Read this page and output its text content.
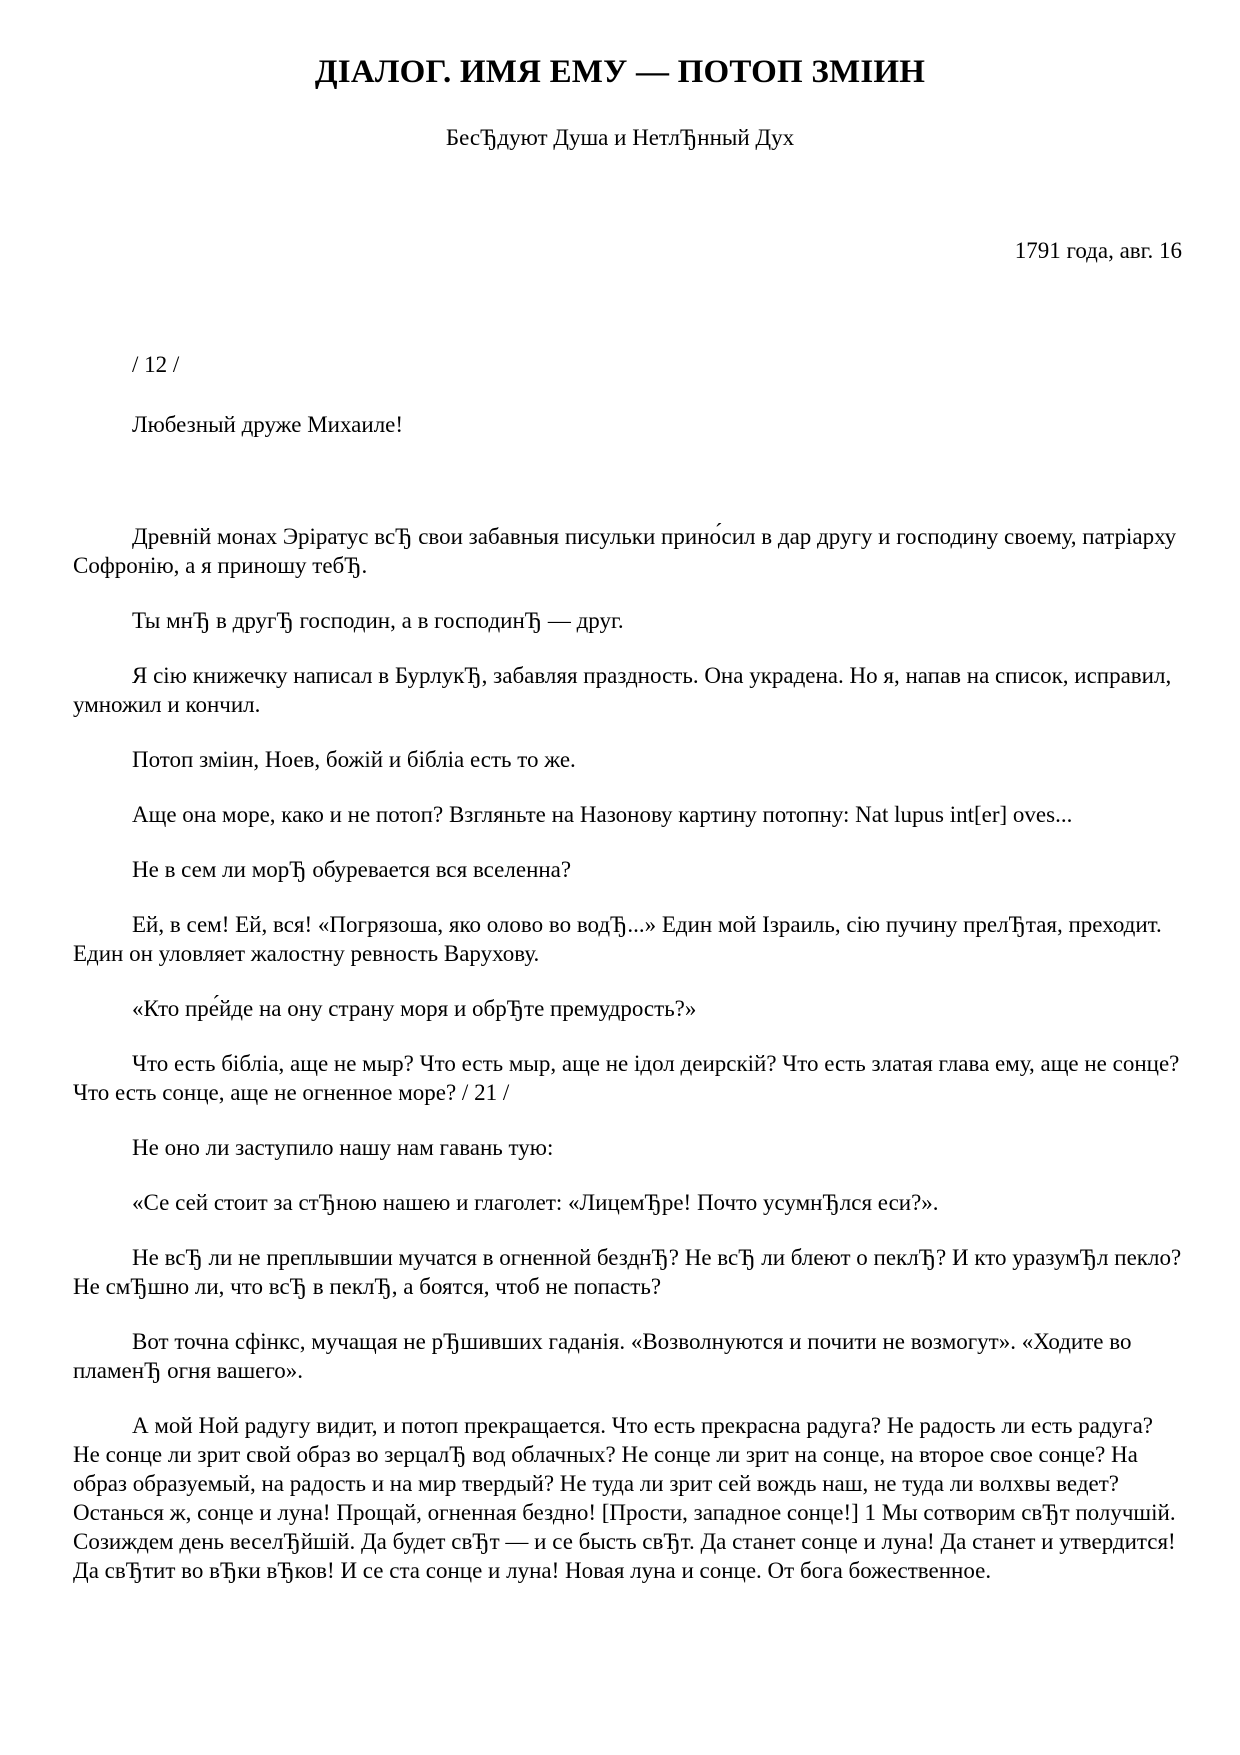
ДІАЛОГ. ИМЯ ЕМУ — ПОТОП ЗМІИН

БесЂдуют Душа и НетлЂнный Дух

1791 года, авг. 16

/ 12 /

Любезный друже Михаиле!

Древній монах Эріратус всЂ свои забавныя писульки прино́сил в дар другу и господину своему, патріарху Софронію, а я приношу тебЂ.

Ты мнЂ в другЂ господин, а в господинЂ — друг.

Я сію книжечку написал в БурлукЂ, забавляя праздность. Она украдена. Но я, напав на список, исправил, умножил и кончил.

Потоп зміин, Ноев, божій и бібліа есть то же.

Аще она море, како и не потоп? Взгляньте на Назонову картину потопну: Nat lupus int[er] oves...

Не в сем ли морЂ обуревается вся вселенна?

Ей, в сем! Ей, вся! «Погрязоша, яко олово во водЂ...» Един мой Ізраиль, сію пучину прелЂтая, преходит. Един он уловляет жалостну ревность Варухову.

«Кто пре́йде на ону страну моря и обрЂте премудрость?»

Что есть бібліа, аще не мыр? Что есть мыр, аще не ідол деирскій? Что есть златая глава ему, аще не сонце? Что есть сонце, аще не огненное море? / 21 /

Не оно ли заступило нашу нам гавань тую:

«Се сей стоит за стЂною нашею и глаголет: «ЛицемЂре! Почто усумнЂлся еси?».

Не всЂ ли не преплывшии мучатся в огненной безднЂ? Не всЂ ли блеют о пеклЂ? И кто уразумЂл пекло? Не смЂшно ли, что всЂ в пеклЂ, а боятся, чтоб не попасть?

Вот точна сфінкс, мучащая не рЂшивших гаданія. «Возволнуются и почити не возмогут». «Ходите во пламенЂ огня вашего».

А мой Ной радугу видит, и потоп прекращается. Что есть прекрасна радуга? Не радость ли есть радуга? Не сонце ли зрит свой образ во зерцалЂ вод облачных? Не сонце ли зрит на сонце, на второе свое сонце? На образ образуемый, на радость и на мир твердый? Не туда ли зрит сей вождь наш, не туда ли волхвы ведет? Останься ж, сонце и луна! Прощай, огненная бездно! [Прости, западное сонце!] 1 Мы сотворим свЂт получшій. Созиждем день веселЂйшій. Да будет свЂт — и се бысть свЂт. Да станет сонце и луна! Да станет и утвердится! Да свЂтит во вЂки вЂков! И се ста сонце и луна! Новая луна и сонце. От бога божественное.
